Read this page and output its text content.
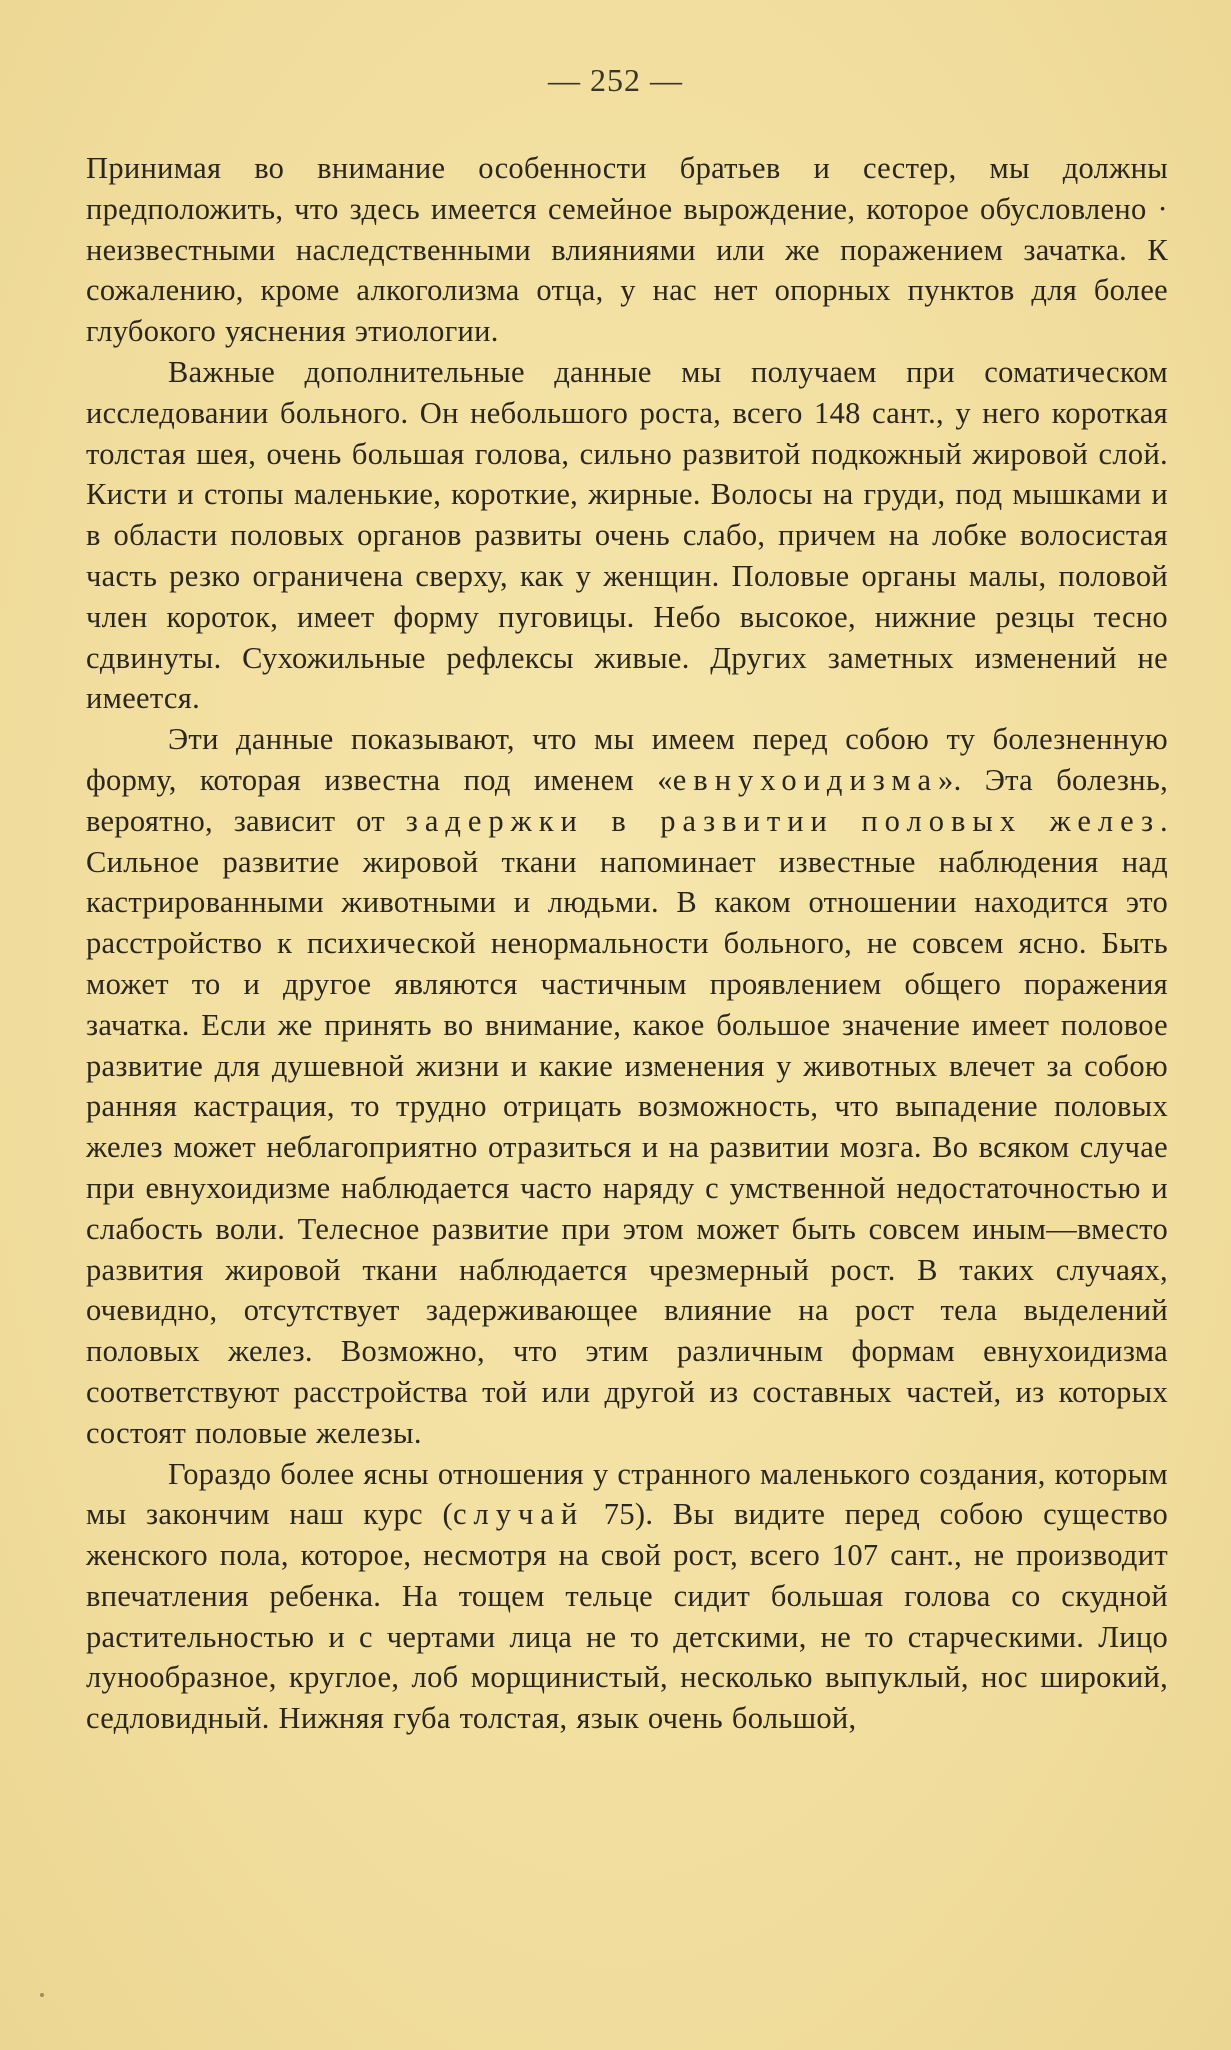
— 252 —

Принимая во внимание особенности братьев и сестер, мы должны предположить, что здесь имеется семейное вырождение, которое обусловлено · неизвестными наследственными влияниями или же поражением зачатка. К сожалению, кроме алкоголизма отца, у нас нет опорных пунктов для более глубокого уяснения этиологии.

Важные дополнительные данные мы получаем при соматическом исследовании больного. Он небольшого роста, всего 148 сант., у него короткая толстая шея, очень большая голова, сильно развитой подкожный жировой слой. Кисти и стопы маленькие, короткие, жирные. Волосы на груди, под мышками и в области половых органов развиты очень слабо, причем на лобке волосистая часть резко ограничена сверху, как у женщин. Половые органы малы, половой член короток, имеет форму пуговицы. Небо высокое, нижние резцы тесно сдвинуты. Сухожильные рефлексы живые. Других заметных изменений не имеется.

Эти данные показывают, что мы имеем перед собою ту болезненную форму, которая известна под именем «евнухоидизма». Эта болезнь, вероятно, зависит от задержки в развитии половых желез. Сильное развитие жировой ткани напоминает известные наблюдения над кастрированными животными и людьми. В каком отношении находится это расстройство к психической ненормальности больного, не совсем ясно. Быть может то и другое являются частичным проявлением общего поражения зачатка. Если же принять во внимание, какое большое значение имеет половое развитие для душевной жизни и какие изменения у животных влечет за собою ранняя кастрация, то трудно отрицать возможность, что выпадение половых желез может неблагоприятно отразиться и на развитии мозга. Во всяком случае при евнухоидизме наблюдается часто наряду с умственной недостаточностью и слабость воли. Телесное развитие при этом может быть совсем иным—вместо развития жировой ткани наблюдается чрезмерный рост. В таких случаях, очевидно, отсутствует задерживающее влияние на рост тела выделений половых желез. Возможно, что этим различным формам евнухоидизма соответствуют расстройства той или другой из составных частей, из которых состоят половые железы.

Гораздо более ясны отношения у странного маленького создания, которым мы закончим наш курс (случай 75). Вы видите перед собою существо женского пола, которое, несмотря на свой рост, всего 107 сант., не производит впечатления ребенка. На тощем тельце сидит большая голова со скудной растительностью и с чертами лица не то детскими, не то старческими. Лицо лунообразное, круглое, лоб морщинистый, несколько выпуклый, нос широкий, седловидный. Нижняя губа толстая, язык очень большой,
